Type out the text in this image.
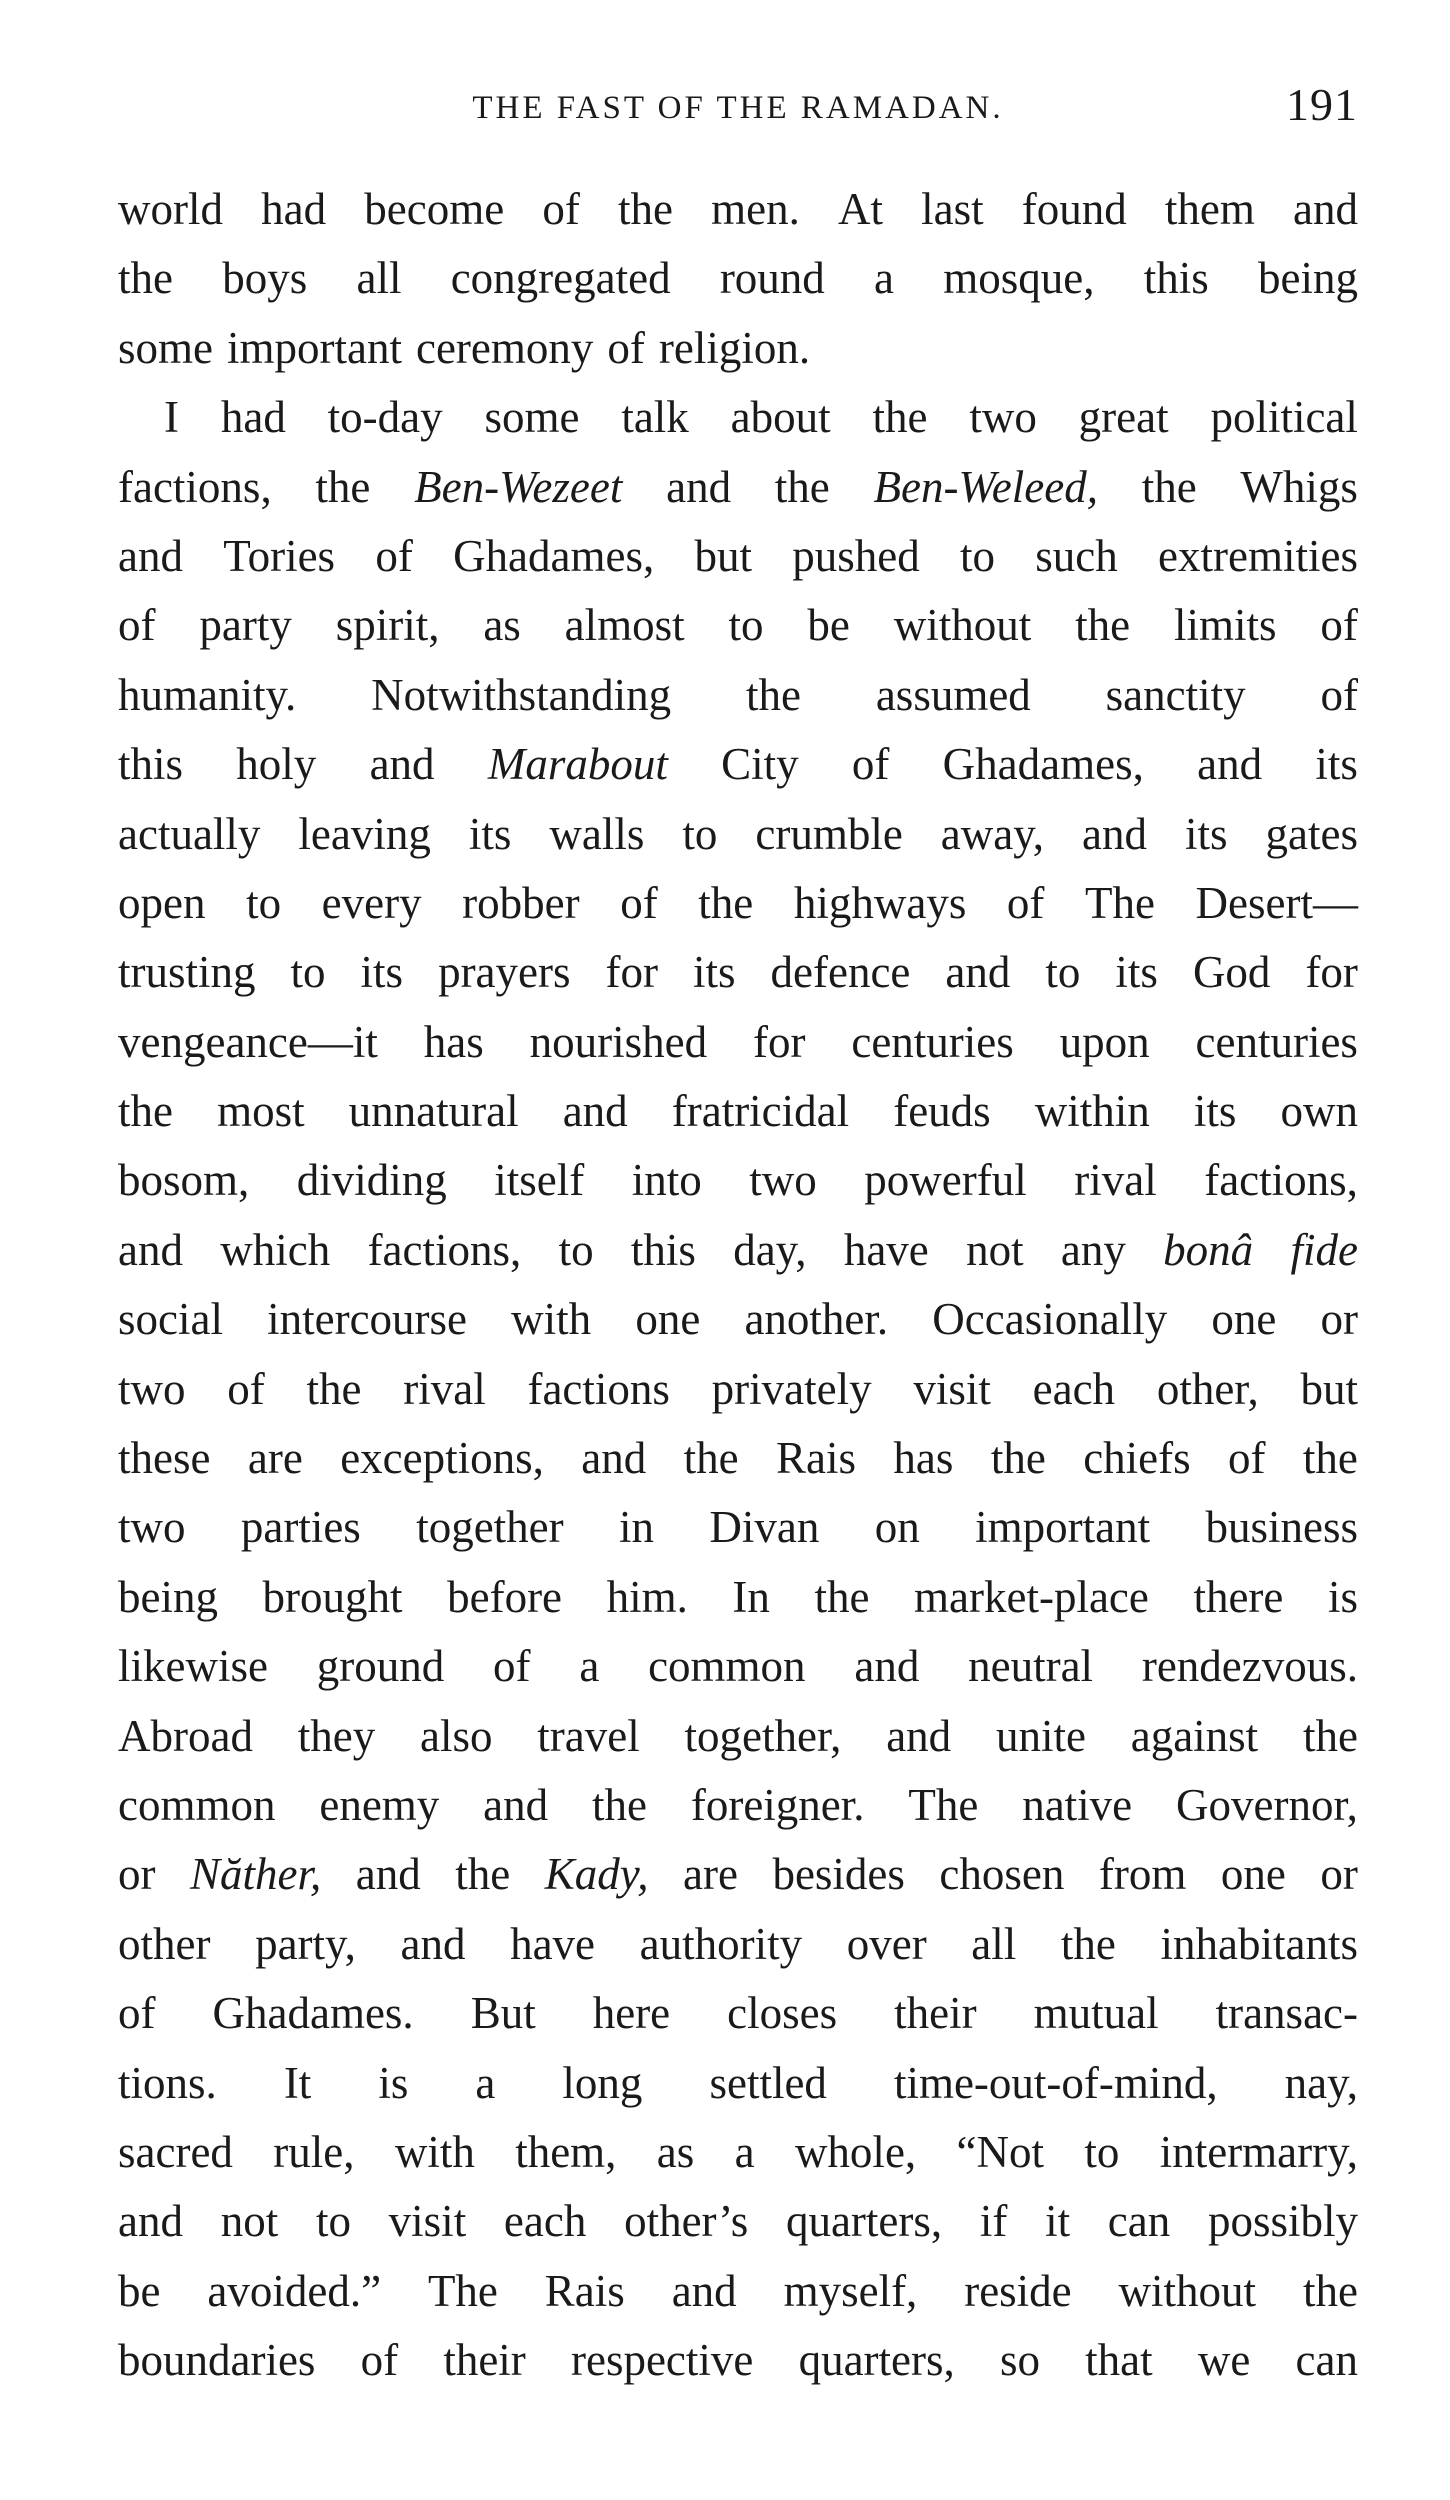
THE FAST OF THE RAMADAN.	191
world had become of the men. At last found them and
the boys all congregated round a mosque, this being
some important ceremony of religion.
I had to-day some talk about the two great political
factions, the Ben-Wezeet and the Ben-Weleed, the Whigs
and Tories of Ghadames, but pushed to such extremities
of party spirit, as almost to be without the limits of
humanity. Notwithstanding the assumed sanctity of
this holy and Marabout City of Ghadames, and its
actually leaving its walls to crumble away, and its gates
open to every robber of the highways of The Desert—
trusting to its prayers for its defence and to its God for
vengeance—it has nourished for centuries upon centuries
the most unnatural and fratricidal feuds within its own
bosom, dividing itself into two powerful rival factions,
and which factions, to this day, have not any bonâ fide
social intercourse with one another. Occasionally one or
two of the rival factions privately visit each other, but
these are exceptions, and the Rais has the chiefs of the
two parties together in Divan on important business
being brought before him. In the market-place there is
likewise ground of a common and neutral rendezvous.
Abroad they also travel together, and unite against the
common enemy and the foreigner. The native Governor,
or Năther, and the Kady, are besides chosen from one or
other party, and have authority over all the inhabitants
of Ghadames. But here closes their mutual transac-
tions. It is a long settled time-out-of-mind, nay,
sacred rule, with them, as a whole, “Not to intermarry,
and not to visit each other’s quarters, if it can possibly
be avoided.” The Rais and myself, reside without the
boundaries of their respective quarters, so that we can
